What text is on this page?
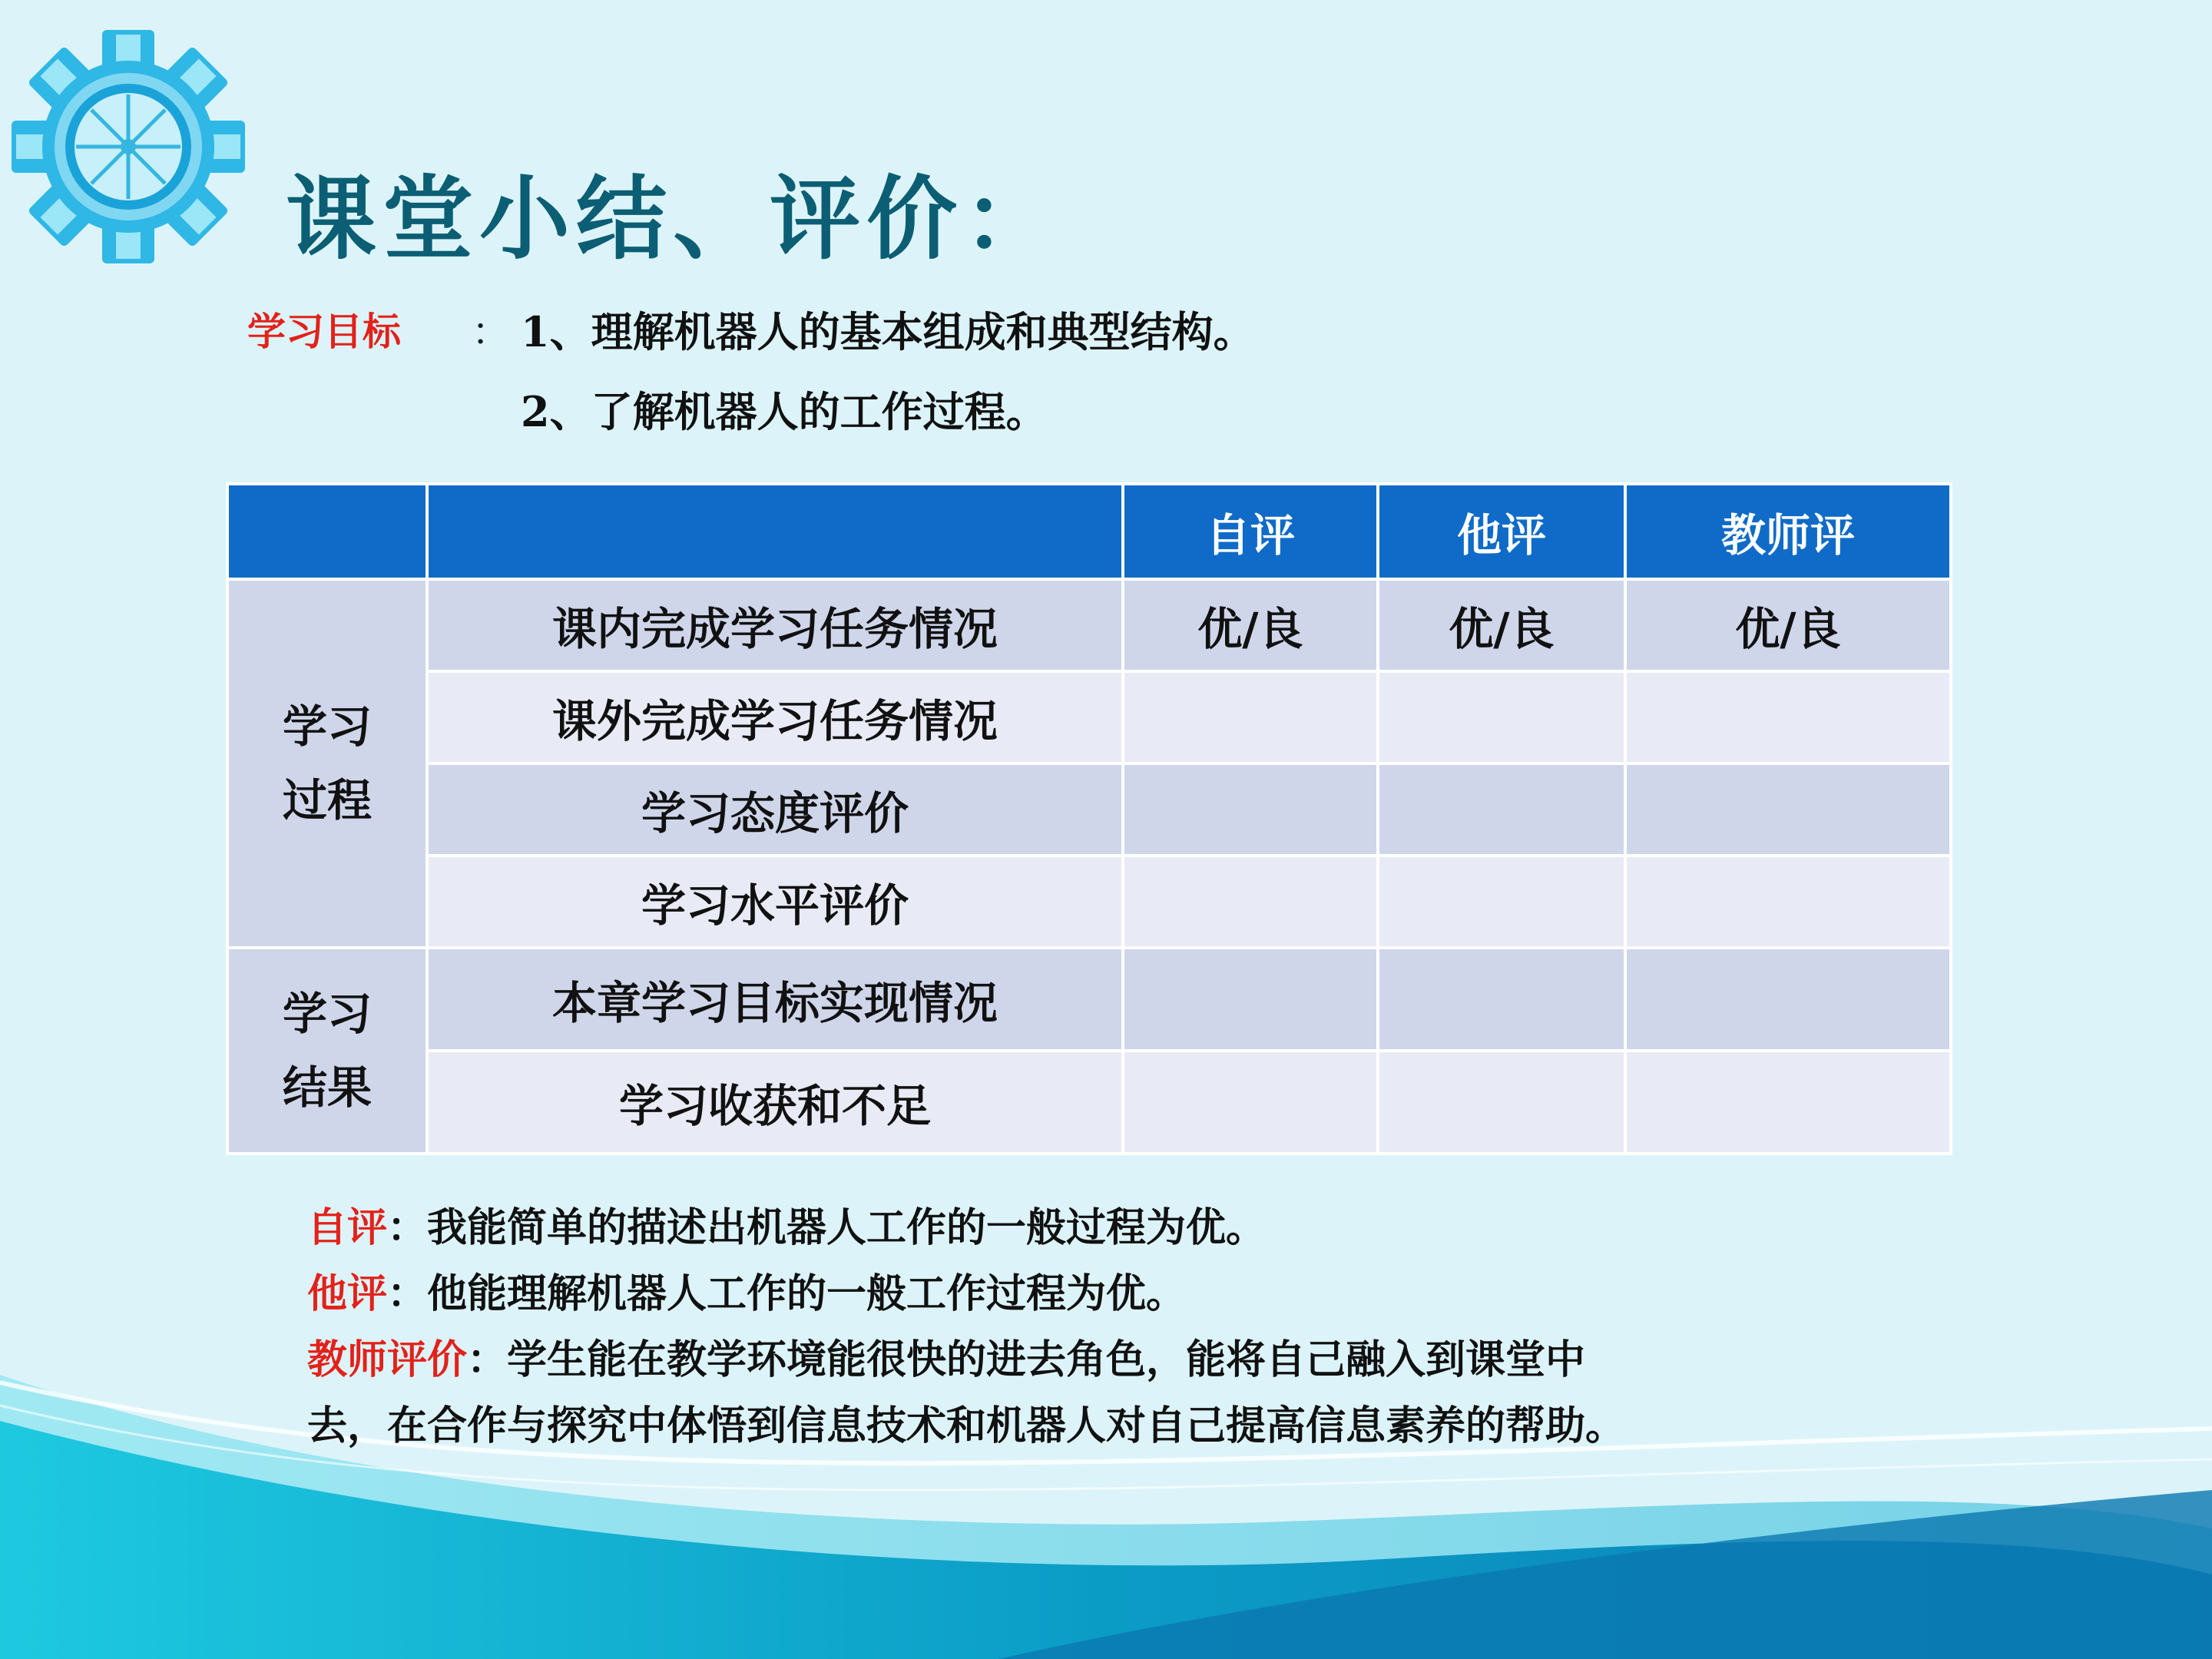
课堂小结、评价：
学习目标 ： 1、理解机器人的基本组成和典型结构。
2、了解机器人的工作过程。
		自评	他评	教师评
学习过程	课内完成学习任务情况	优/良	优/良	优/良
	课外完成学习任务情况			
	学习态度评价			
	学习水平评价			
学习结果	本章学习目标实现情况			
	学习收获和不足			
自评：我能简单的描述出机器人工作的一般过程为优。
他评：他能理解机器人工作的一般工作过程为优。
教师评价：学生能在教学环境能很快的进去角色，能将自己融入到课堂中
去，在合作与探究中体悟到信息技术和机器人对自己提高信息素养的帮助。
